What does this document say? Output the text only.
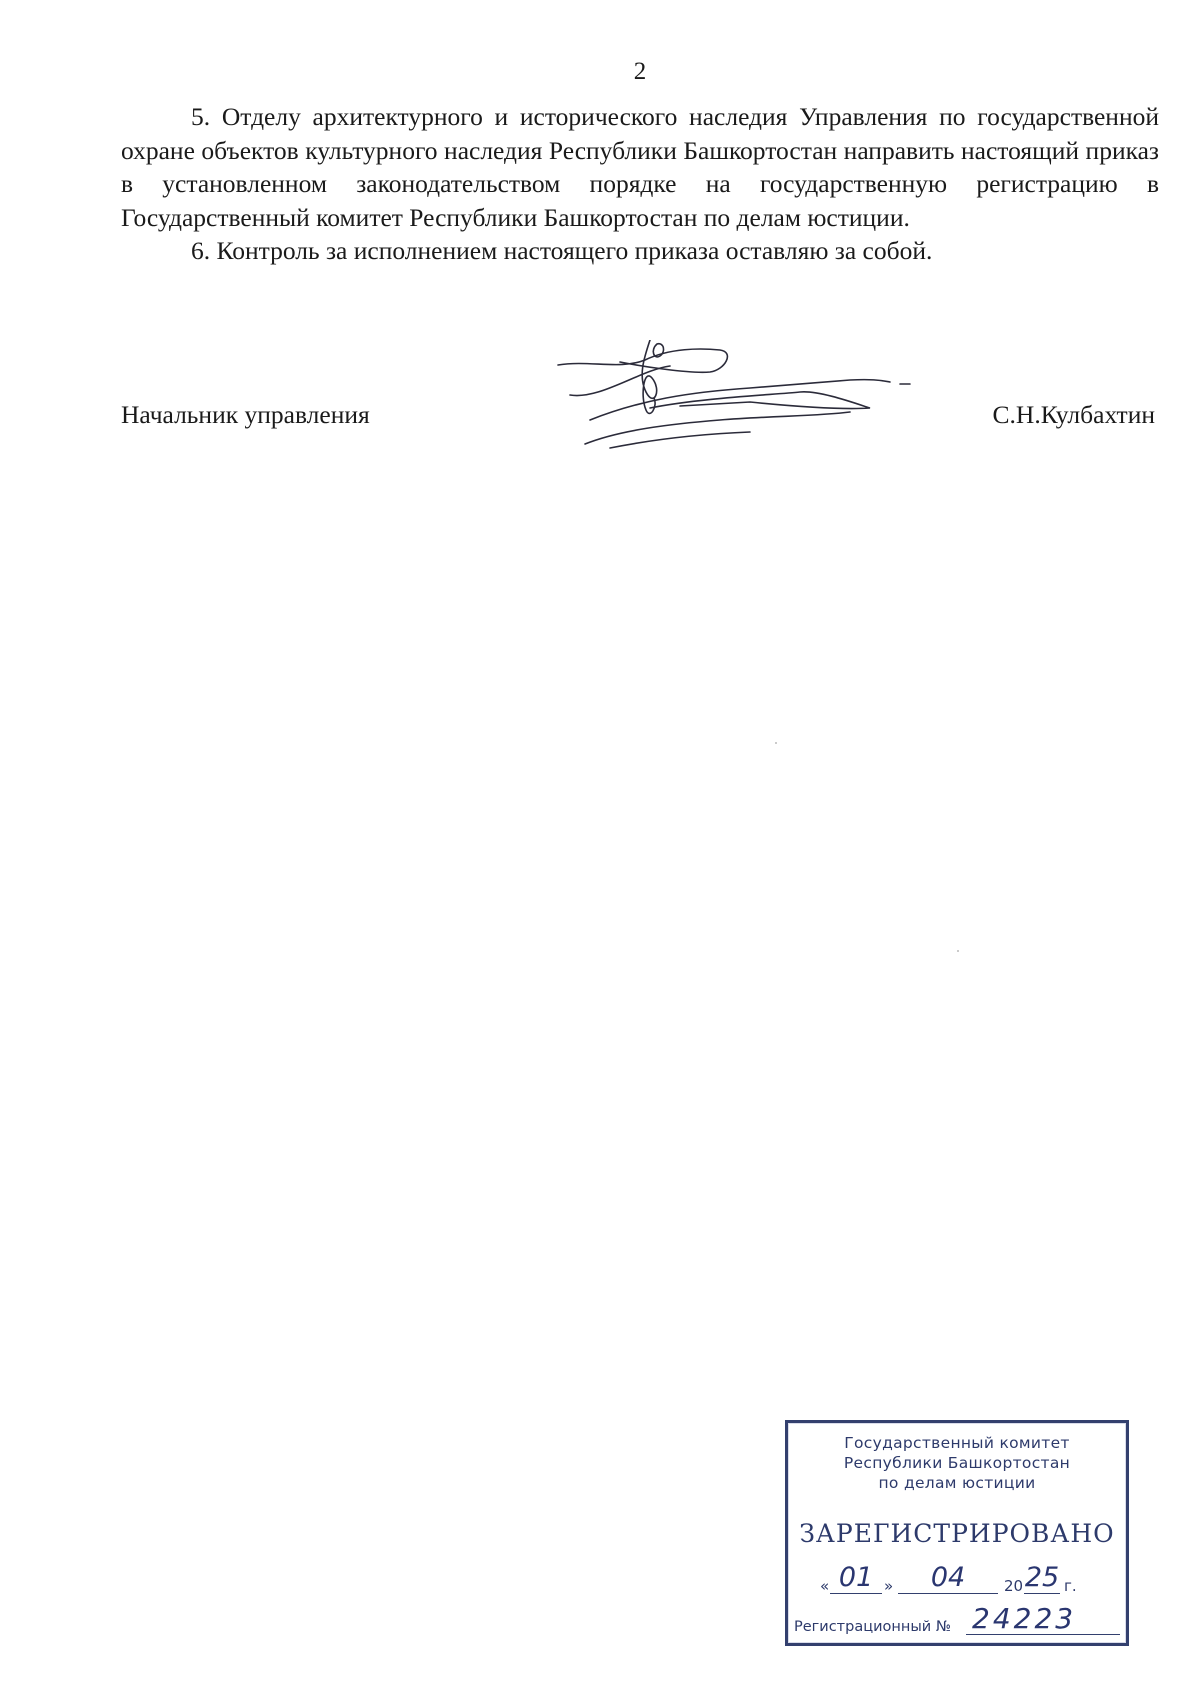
2

5. Отделу архитектурного и исторического наследия Управления по государственной охране объектов культурного наследия Республики Башкортостан направить настоящий приказ в установленном законодательством порядке на государственную регистрацию в Государственный комитет Республики Башкортостан по делам юстиции.

6. Контроль за исполнением настоящего приказа оставляю за собой.

Начальник управления	С.Н.Кулбахтин
Государственный комитет
Республики Башкортостан
по делам юстиции
ЗАРЕГИСТРИРОВАНО
« 01 »	04	20 25 г.
Регистрационный № 24223
